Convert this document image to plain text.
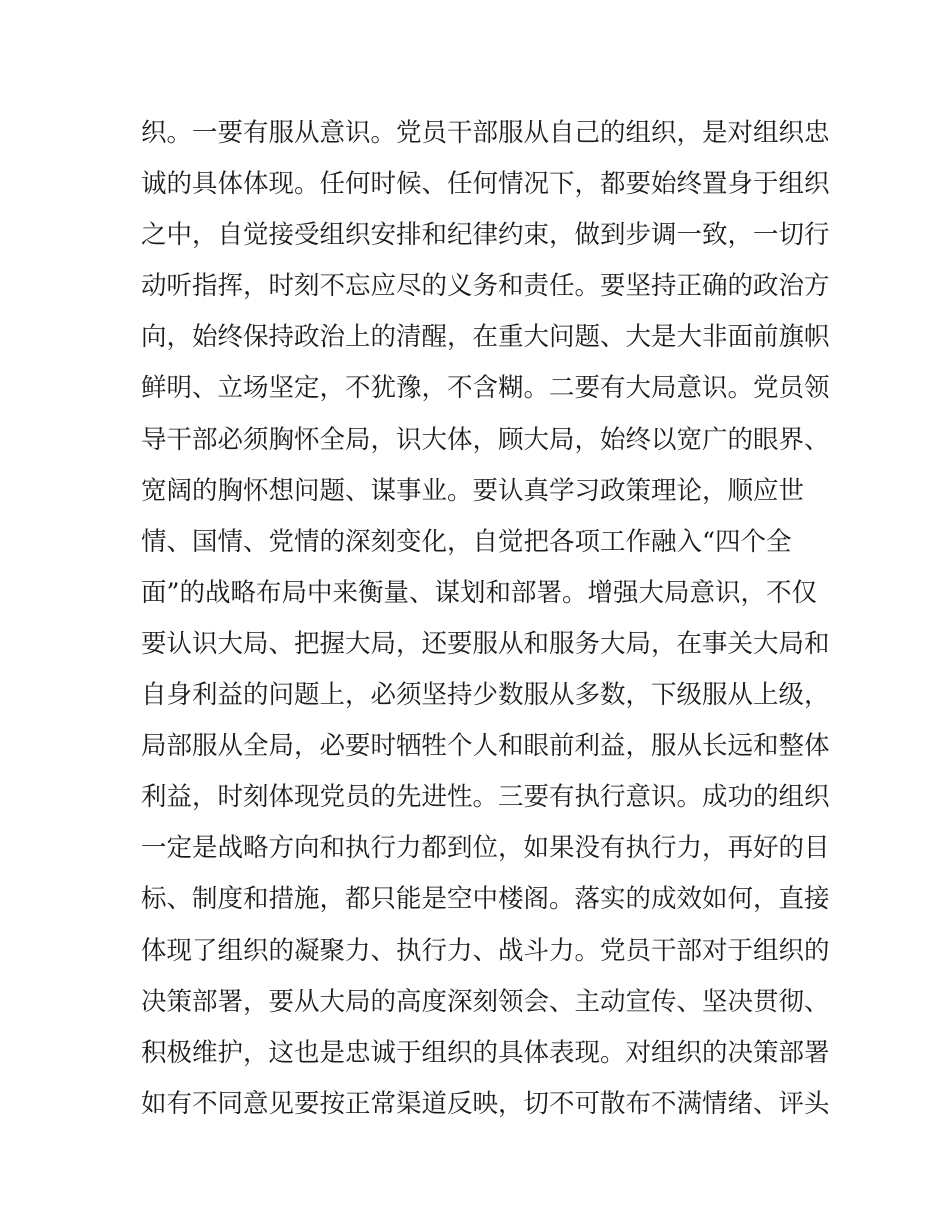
织。一要有服从意识。党员干部服从自己的组织，是对组织忠
诚的具体体现。任何时候、任何情况下，都要始终置身于组织
之中，自觉接受组织安排和纪律约束，做到步调一致，一切行
动听指挥，时刻不忘应尽的义务和责任。要坚持正确的政治方
向，始终保持政治上的清醒，在重大问题、大是大非面前旗帜
鲜明、立场坚定，不犹豫，不含糊。二要有大局意识。党员领
导干部必须胸怀全局，识大体，顾大局，始终以宽广的眼界、
宽阔的胸怀想问题、谋事业。要认真学习政策理论，顺应世
情、国情、党情的深刻变化，自觉把各项工作融入“四个全
面”的战略布局中来衡量、谋划和部署。增强大局意识，不仅
要认识大局、把握大局，还要服从和服务大局，在事关大局和
自身利益的问题上，必须坚持少数服从多数，下级服从上级，
局部服从全局，必要时牺牲个人和眼前利益，服从长远和整体
利益，时刻体现党员的先进性。三要有执行意识。成功的组织
一定是战略方向和执行力都到位，如果没有执行力，再好的目
标、制度和措施，都只能是空中楼阁。落实的成效如何，直接
体现了组织的凝聚力、执行力、战斗力。党员干部对于组织的
决策部署，要从大局的高度深刻领会、主动宣传、坚决贯彻、
积极维护，这也是忠诚于组织的具体表现。对组织的决策部署
如有不同意见要按正常渠道反映，切不可散布不满情绪、评头
